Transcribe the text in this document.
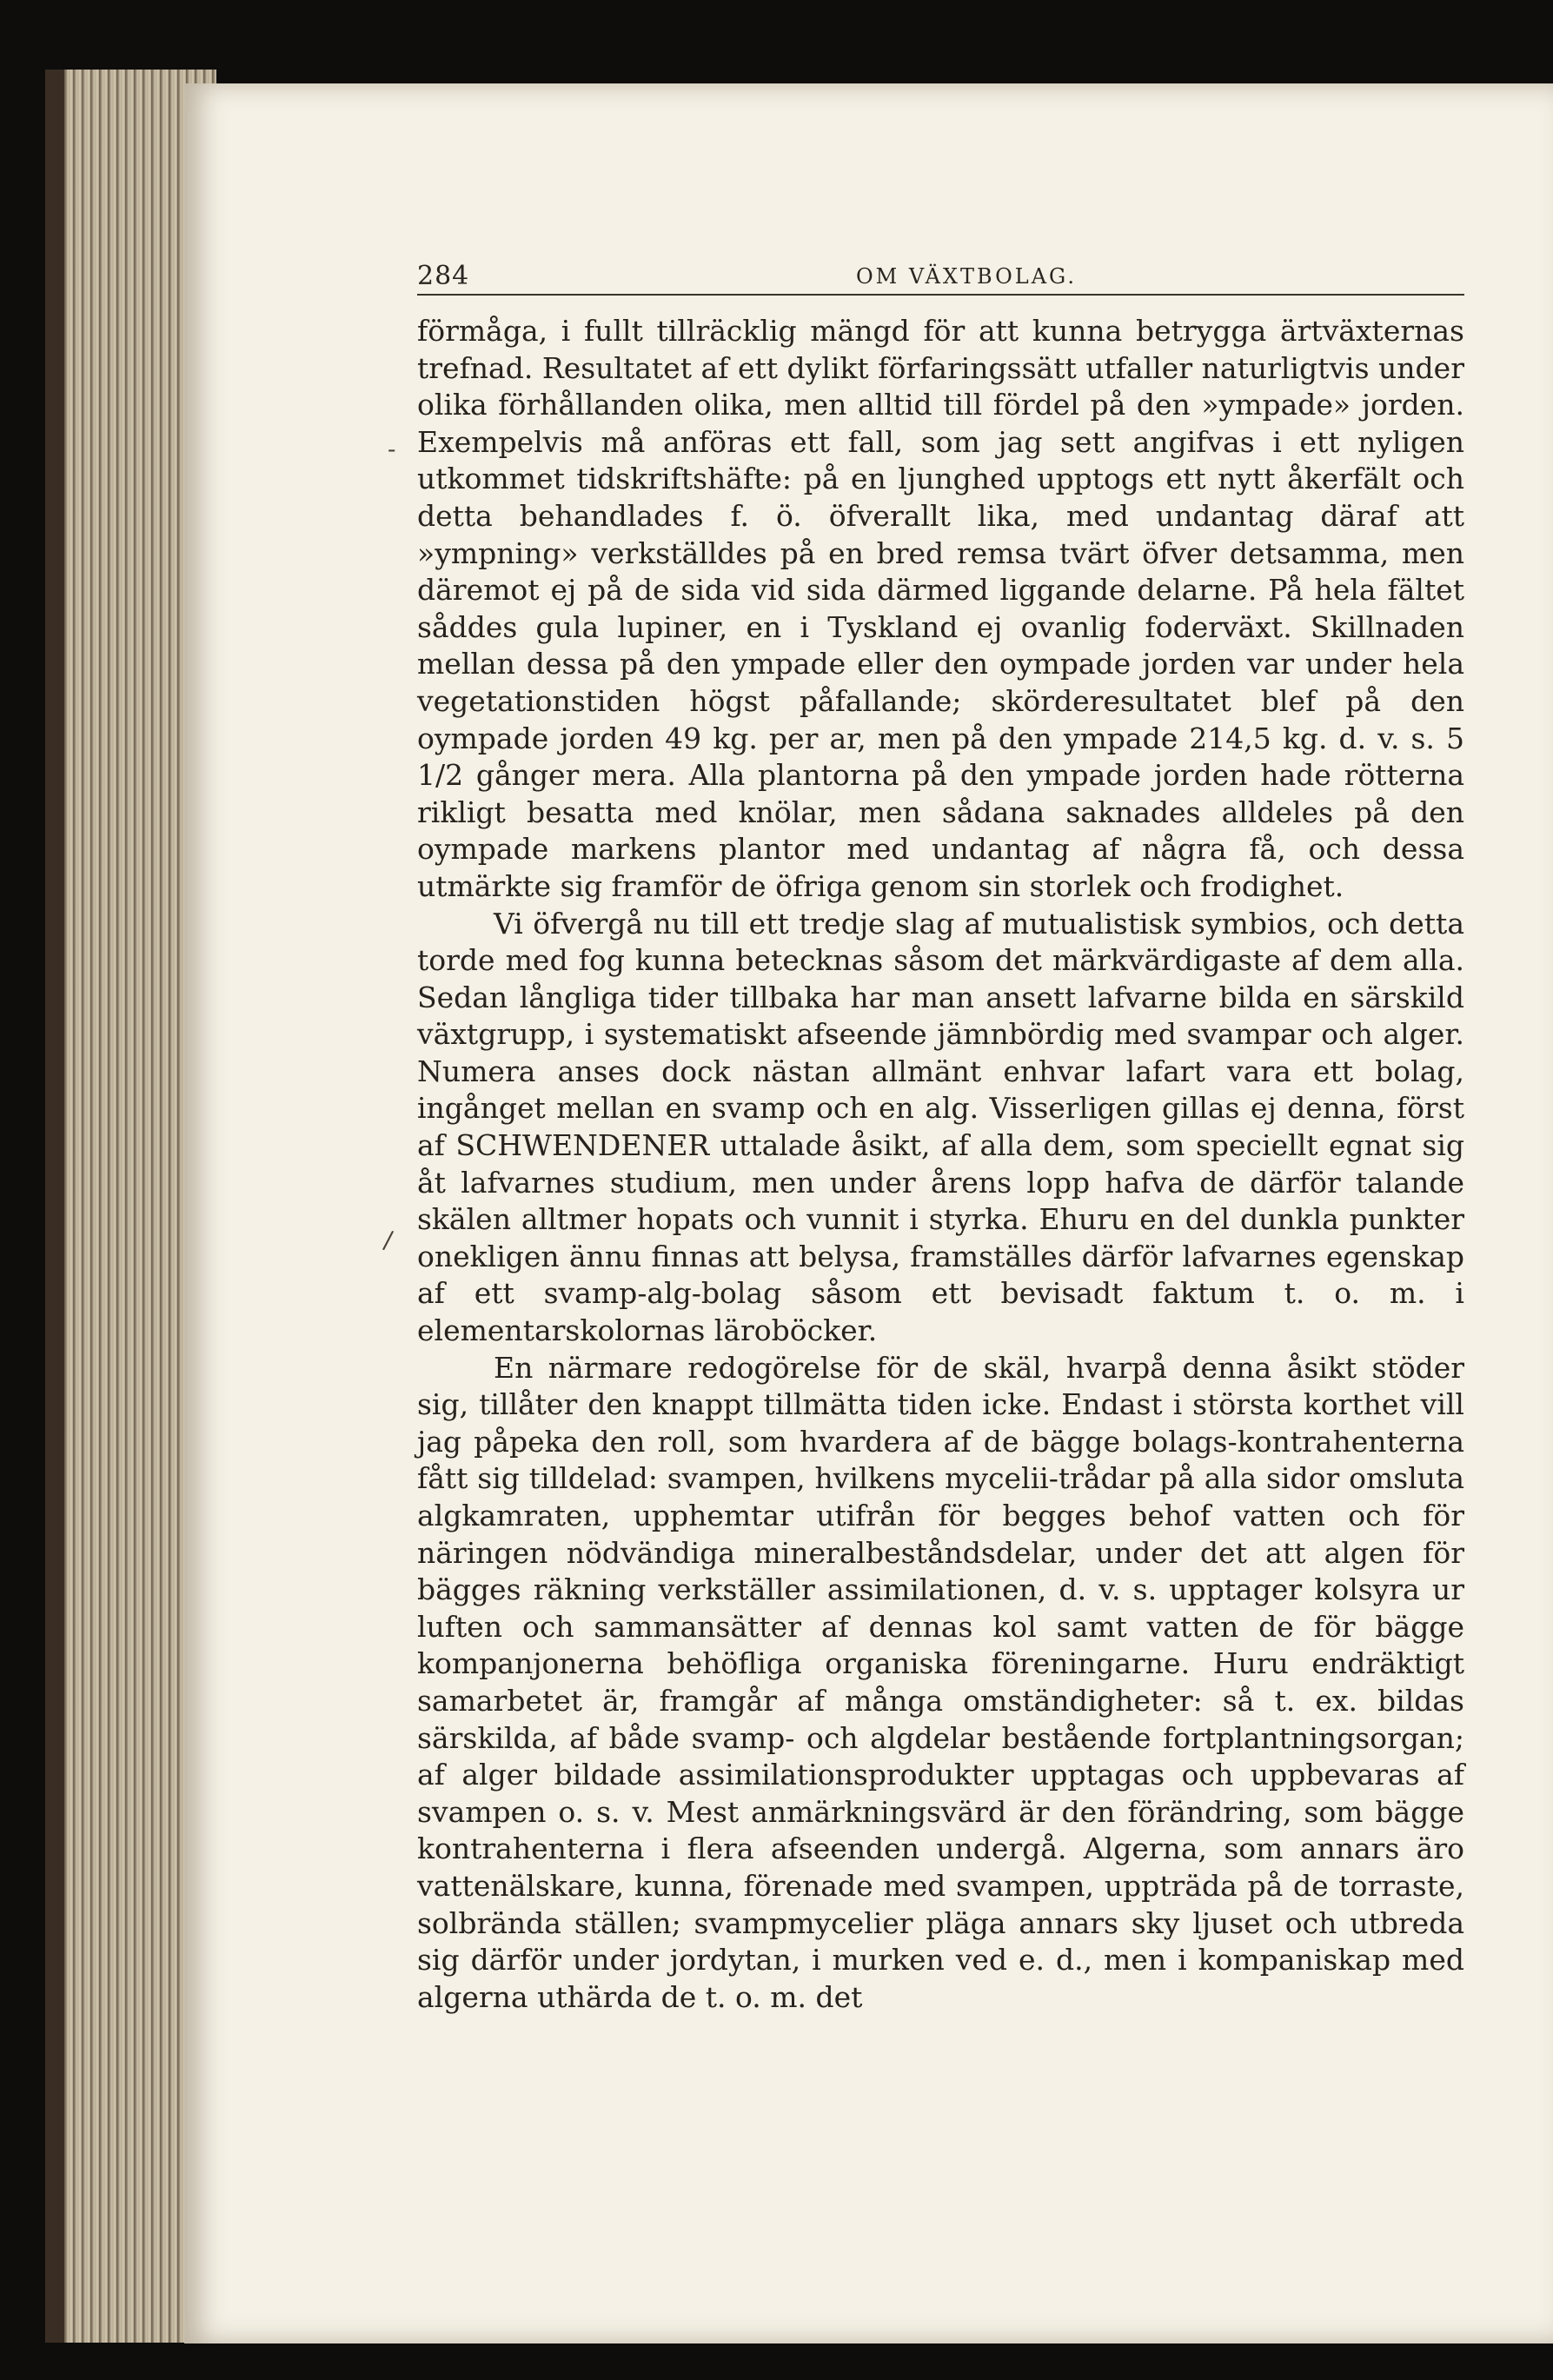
-
/
284	OM VÄXTBOLAG.

förmåga, i fullt tillräcklig mängd för att kunna betrygga ärtväxternas trefnad. Resultatet af ett dylikt förfaringssätt utfaller naturligtvis under olika förhållanden olika, men alltid till fördel på den »ympade» jorden. Exempelvis må anföras ett fall, som jag sett angifvas i ett nyligen utkommet tidskriftshäfte: på en ljunghed upptogs ett nytt åkerfält och detta behandlades f. ö. öfverallt lika, med undantag däraf att »ympning» verkställdes på en bred remsa tvärt öfver detsamma, men däremot ej på de sida vid sida därmed liggande delarne. På hela fältet såddes gula lupiner, en i Tyskland ej ovanlig foderväxt. Skillnaden mellan dessa på den ympade eller den oympade jorden var under hela vegetationstiden högst påfallande; skörderesultatet blef på den oympade jorden 49 kg. per ar, men på den ympade 214,5 kg. d. v. s. 5 1/2 gånger mera. Alla plantorna på den ympade jorden hade rötterna rikligt besatta med knölar, men sådana saknades alldeles på den oympade markens plantor med undantag af några få, och dessa utmärkte sig framför de öfriga genom sin storlek och frodighet.

Vi öfvergå nu till ett tredje slag af mutualistisk symbios, och detta torde med fog kunna betecknas såsom det märkvärdigaste af dem alla. Sedan långliga tider tillbaka har man ansett lafvarne bilda en särskild växtgrupp, i systematiskt afseende jämnbördig med svampar och alger. Numera anses dock nästan allmänt enhvar lafart vara ett bolag, ingånget mellan en svamp och en alg. Visserligen gillas ej denna, först af SCHWENDENER uttalade åsikt, af alla dem, som speciellt egnat sig åt lafvarnes studium, men under årens lopp hafva de därför talande skälen alltmer hopats och vunnit i styrka. Ehuru en del dunkla punkter onekligen ännu finnas att belysa, framställes därför lafvarnes egenskap af ett svamp-alg-bolag såsom ett bevisadt faktum t. o. m. i elementarskolornas läroböcker.

En närmare redogörelse för de skäl, hvarpå denna åsikt stöder sig, tillåter den knappt tillmätta tiden icke. Endast i största korthet vill jag påpeka den roll, som hvardera af de bägge bolags-kontrahenterna fått sig tilldelad: svampen, hvilkens mycelii-trådar på alla sidor omsluta algkamraten, upphemtar utifrån för begges behof vatten och för näringen nödvändiga mineralbeståndsdelar, under det att algen för bägges räkning verkställer assimilationen, d. v. s. upptager kolsyra ur luften och sammansätter af dennas kol samt vatten de för bägge kompanjonerna behöfliga organiska föreningarne. Huru endräktigt samarbetet är, framgår af många omständigheter: så t. ex. bildas särskilda, af både svamp- och algdelar bestående fortplantningsorgan; af alger bildade assimilationsprodukter upptagas och uppbevaras af svampen o. s. v. Mest anmärkningsvärd är den förändring, som bägge kontrahenterna i flera afseenden undergå. Algerna, som annars äro vattenälskare, kunna, förenade med svampen, uppträda på de torraste, solbrända ställen; svampmycelier pläga annars sky ljuset och utbreda sig därför under jordytan, i murken ved e. d., men i kompaniskap med algerna uthärda de t. o. m. det
